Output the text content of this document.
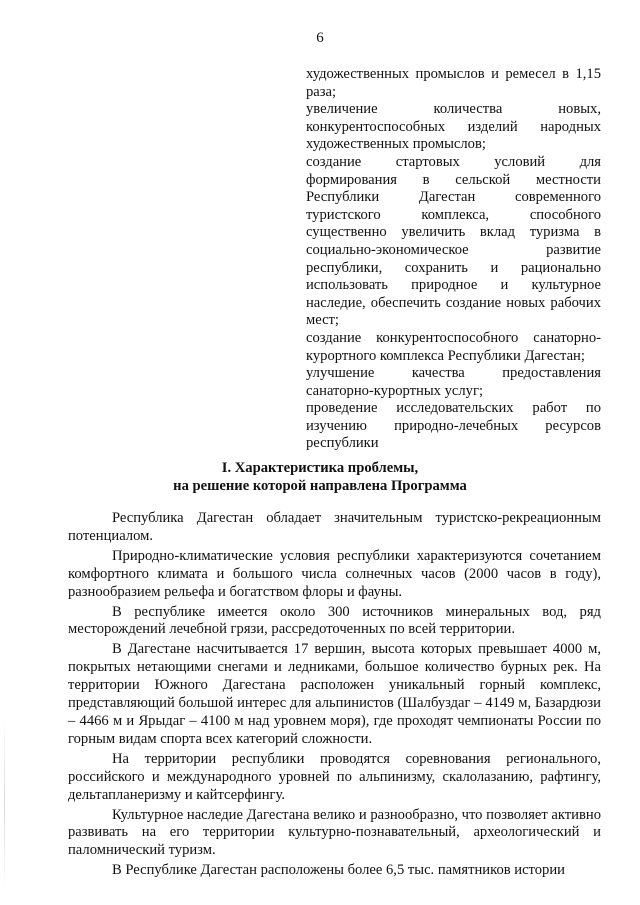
6

художественных промыслов и ремесел в 1,15 раза;

увеличение количества новых, конкурентоспособных изделий народных художественных промыслов;

создание стартовых условий для формирования в сельской местности Республики Дагестан современного туристского комплекса, способного существенно увеличить вклад туризма в социально-экономическое развитие республики, сохранить и рационально использовать природное и культурное наследие, обеспечить создание новых рабочих мест;

создание конкурентоспособного санаторно-курортного комплекса Республики Дагестан;

улучшение качества предоставления санаторно-курортных услуг;

проведение исследовательских работ по изучению природно-лечебных ресурсов республики

I. Характеристика проблемы,
на решение которой направлена Программа

Республика Дагестан обладает значительным туристско-рекреационным потенциалом.

Природно-климатические условия республики характеризуются сочетанием комфортного климата и большого числа солнечных часов (2000 часов в году), разнообразием рельефа и богатством флоры и фауны.

В республике имеется около 300 источников минеральных вод, ряд месторождений лечебной грязи, рассредоточенных по всей территории.

В Дагестане насчитывается 17 вершин, высота которых превышает 4000 м, покрытых нетающими снегами и ледниками, большое количество бурных рек. На территории Южного Дагестана расположен уникальный горный комплекс, представляющий большой интерес для альпинистов (Шалбуздаг – 4149 м, Базардюзи – 4466 м и Ярыдаг – 4100 м над уровнем моря), где проходят чемпионаты России по горным видам спорта всех категорий сложности.

На территории республики проводятся соревнования регионального, российского и международного уровней по альпинизму, скалолазанию, рафтингу, дельтапланеризму и кайтсерфингу.

Культурное наследие Дагестана велико и разнообразно, что позволяет активно развивать на его территории культурно-познавательный, археологический и паломнический туризм.

В Республике Дагестан расположены более 6,5 тыс. памятников истории
